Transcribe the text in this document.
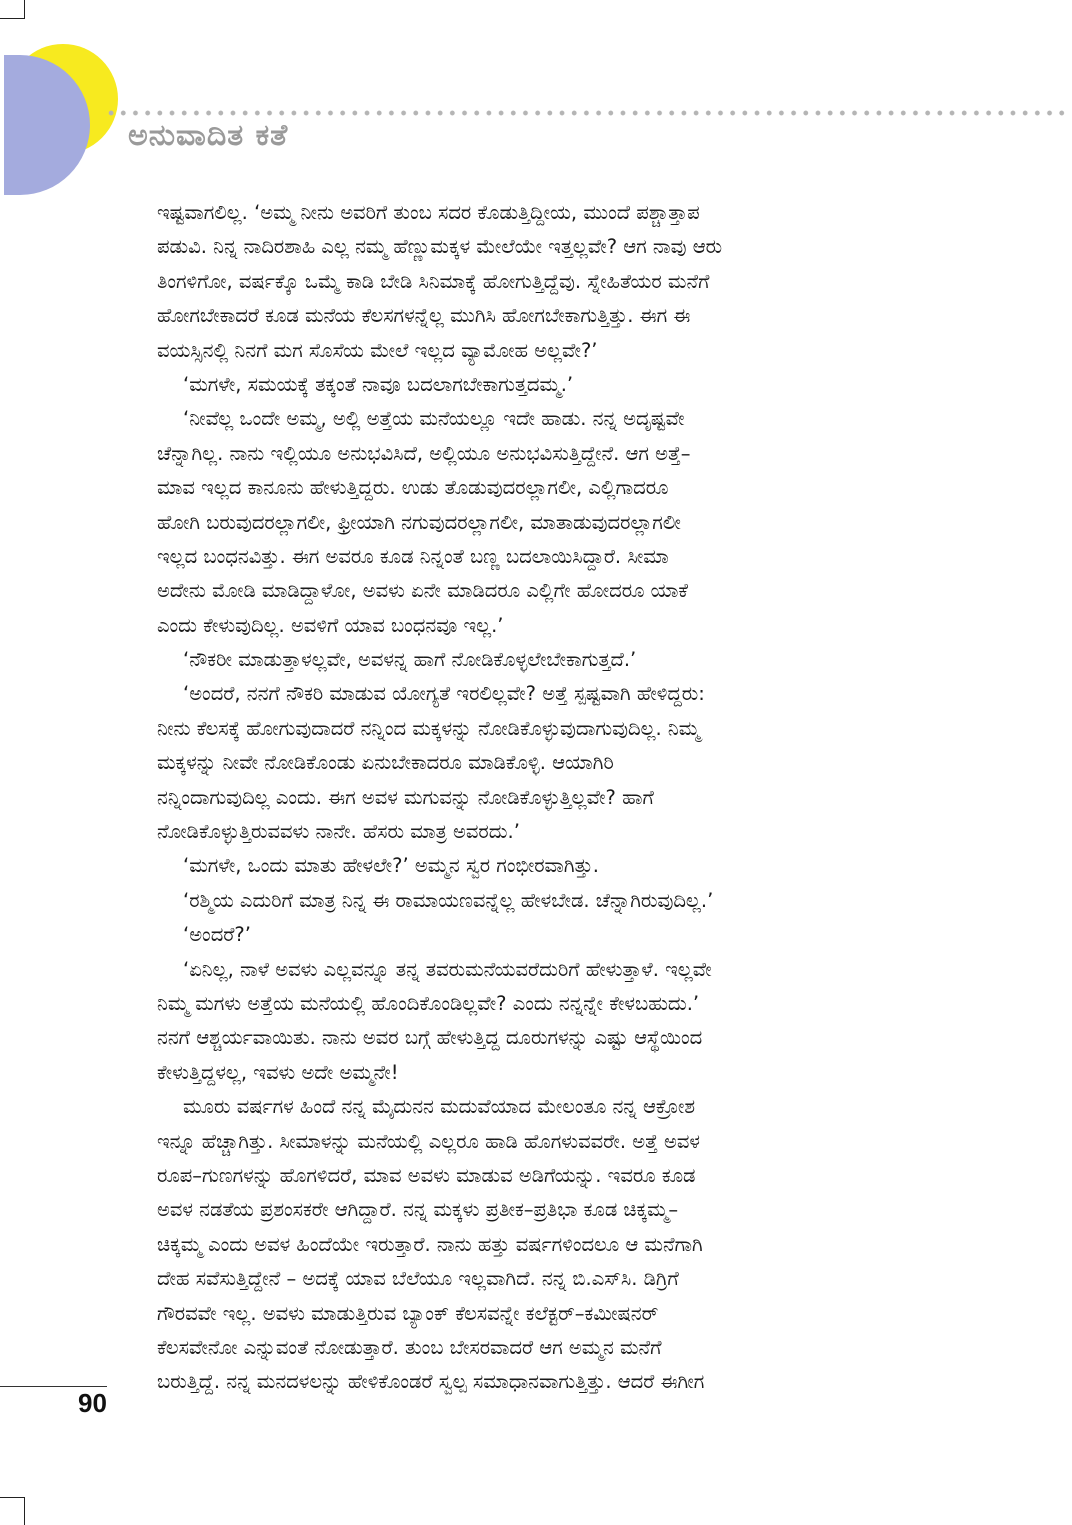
ಅನುವಾದಿತ ಕತೆ
ಇಷ್ಟವಾಗಲಿಲ್ಲ. ‘ಅಮ್ಮ ನೀನು ಅವರಿಗೆ ತುಂಬ ಸದರ ಕೊಡುತ್ತಿದ್ದೀಯ, ಮುಂದೆ ಪಶ್ಚಾತ್ತಾಪ
ಪಡುವಿ. ನಿನ್ನ ನಾದಿರಶಾಹಿ ಎಲ್ಲ ನಮ್ಮ ಹೆಣ್ಣುಮಕ್ಕಳ ಮೇಲೆಯೇ ಇತ್ತಲ್ಲವೇ? ಆಗ ನಾವು ಆರು
ತಿಂಗಳಿಗೋ, ವರ್ಷಕ್ಕೊ ಒಮ್ಮೆ ಕಾಡಿ ಬೇಡಿ ಸಿನಿಮಾಕ್ಕೆ ಹೋಗುತ್ತಿದ್ದೆವು. ಸ್ನೇಹಿತೆಯರ ಮನೆಗೆ
ಹೋಗಬೇಕಾದರೆ ಕೂಡ ಮನೆಯ ಕೆಲಸಗಳನ್ನೆಲ್ಲ ಮುಗಿಸಿ ಹೋಗಬೇಕಾಗುತ್ತಿತ್ತು. ಈಗ ಈ
ವಯಸ್ಸಿನಲ್ಲಿ ನಿನಗೆ ಮಗ ಸೊಸೆಯ ಮೇಲೆ ಇಲ್ಲದ ವ್ಯಾಮೋಹ ಅಲ್ಲವೇ?’
‘ಮಗಳೇ, ಸಮಯಕ್ಕೆ ತಕ್ಕಂತೆ ನಾವೂ ಬದಲಾಗಬೇಕಾಗುತ್ತದಮ್ಮ.’
‘ನೀವೆಲ್ಲ ಒಂದೇ ಅಮ್ಮ, ಅಲ್ಲಿ ಅತ್ತೆಯ ಮನೆಯಲ್ಲೂ ಇದೇ ಹಾಡು. ನನ್ನ ಅದೃಷ್ಟವೇ
ಚೆನ್ನಾಗಿಲ್ಲ. ನಾನು ಇಲ್ಲಿಯೂ ಅನುಭವಿಸಿದೆ, ಅಲ್ಲಿಯೂ ಅನುಭವಿಸುತ್ತಿದ್ದೇನೆ. ಆಗ ಅತ್ತೆ–
ಮಾವ ಇಲ್ಲದ ಕಾನೂನು ಹೇಳುತ್ತಿದ್ದರು. ಉಡು ತೊಡುವುದರಲ್ಲಾಗಲೀ, ಎಲ್ಲಿಗಾದರೂ
ಹೋಗಿ ಬರುವುದರಲ್ಲಾಗಲೀ, ಫ್ರೀಯಾಗಿ ನಗುವುದರಲ್ಲಾಗಲೀ, ಮಾತಾಡುವುದರಲ್ಲಾಗಲೀ
ಇಲ್ಲದ ಬಂಧನವಿತ್ತು. ಈಗ ಅವರೂ ಕೂಡ ನಿನ್ನಂತೆ ಬಣ್ಣ ಬದಲಾಯಿಸಿದ್ದಾರೆ. ಸೀಮಾ
ಅದೇನು ಮೋಡಿ ಮಾಡಿದ್ದಾಳೋ, ಅವಳು ಏನೇ ಮಾಡಿದರೂ ಎಲ್ಲಿಗೇ ಹೋದರೂ ಯಾಕೆ
ಎಂದು ಕೇಳುವುದಿಲ್ಲ. ಅವಳಿಗೆ ಯಾವ ಬಂಧನವೂ ಇಲ್ಲ.’
‘ನೌಕರೀ ಮಾಡುತ್ತಾಳಲ್ಲವೇ, ಅವಳನ್ನ ಹಾಗೆ ನೋಡಿಕೊಳ್ಳಲೇಬೇಕಾಗುತ್ತದೆ.’
‘ಅಂದರೆ, ನನಗೆ ನೌಕರಿ ಮಾಡುವ ಯೋಗ್ಯತೆ ಇರಲಿಲ್ಲವೇ? ಅತ್ತೆ ಸ್ಪಷ್ಟವಾಗಿ ಹೇಳಿದ್ದರು:
ನೀನು ಕೆಲಸಕ್ಕೆ ಹೋಗುವುದಾದರೆ ನನ್ನಿಂದ ಮಕ್ಕಳನ್ನು ನೋಡಿಕೊಳ್ಳುವುದಾಗುವುದಿಲ್ಲ. ನಿಮ್ಮ
ಮಕ್ಕಳನ್ನು ನೀವೇ ನೋಡಿಕೊಂಡು ಏನುಬೇಕಾದರೂ ಮಾಡಿಕೊಳ್ಳಿ. ಆಯಾಗಿರಿ
ನನ್ನಿಂದಾಗುವುದಿಲ್ಲ ಎಂದು. ಈಗ ಅವಳ ಮಗುವನ್ನು ನೋಡಿಕೊಳ್ಳುತ್ತಿಲ್ಲವೇ? ಹಾಗೆ
ನೋಡಿಕೊಳ್ಳುತ್ತಿರುವವಳು ನಾನೇ. ಹೆಸರು ಮಾತ್ರ ಅವರದು.’
‘ಮಗಳೇ, ಒಂದು ಮಾತು ಹೇಳಲೇ?’ ಅಮ್ಮನ ಸ್ವರ ಗಂಭೀರವಾಗಿತ್ತು.
‘ರಶ್ಮಿಯ ಎದುರಿಗೆ ಮಾತ್ರ ನಿನ್ನ ಈ ರಾಮಾಯಣವನ್ನೆಲ್ಲ ಹೇಳಬೇಡ. ಚೆನ್ನಾಗಿರುವುದಿಲ್ಲ.’
‘ಅಂದರೆ?’
‘ಏನಿಲ್ಲ, ನಾಳೆ ಅವಳು ಎಲ್ಲವನ್ನೂ ತನ್ನ ತವರುಮನೆಯವರೆದುರಿಗೆ ಹೇಳುತ್ತಾಳೆ. ಇಲ್ಲವೇ
ನಿಮ್ಮ ಮಗಳು ಅತ್ತೆಯ ಮನೆಯಲ್ಲಿ ಹೊಂದಿಕೊಂಡಿಲ್ಲವೇ? ಎಂದು ನನ್ನನ್ನೇ ಕೇಳಬಹುದು.’
ನನಗೆ ಆಶ್ಚರ್ಯವಾಯಿತು. ನಾನು ಅವರ ಬಗ್ಗೆ ಹೇಳುತ್ತಿದ್ದ ದೂರುಗಳನ್ನು ಎಷ್ಟು ಆಸ್ಥೆಯಿಂದ
ಕೇಳುತ್ತಿದ್ದಳಲ್ಲ, ಇವಳು ಅದೇ ಅಮ್ಮನೇ!
ಮೂರು ವರ್ಷಗಳ ಹಿಂದೆ ನನ್ನ ಮೈದುನನ ಮದುವೆಯಾದ ಮೇಲಂತೂ ನನ್ನ ಆಕ್ರೋಶ
ಇನ್ನೂ ಹೆಚ್ಚಾಗಿತ್ತು. ಸೀಮಾಳನ್ನು ಮನೆಯಲ್ಲಿ ಎಲ್ಲರೂ ಹಾಡಿ ಹೊಗಳುವವರೇ. ಅತ್ತೆ ಅವಳ
ರೂಪ–ಗುಣಗಳನ್ನು ಹೊಗಳಿದರೆ, ಮಾವ ಅವಳು ಮಾಡುವ ಅಡಿಗೆಯನ್ನು. ಇವರೂ ಕೂಡ
ಅವಳ ನಡತೆಯ ಪ್ರಶಂಸಕರೇ ಆಗಿದ್ದಾರೆ. ನನ್ನ ಮಕ್ಕಳು ಪ್ರತೀಕ–ಪ್ರತಿಭಾ ಕೂಡ ಚಿಕ್ಕಮ್ಮ–
ಚಿಕ್ಕಮ್ಮ ಎಂದು ಅವಳ ಹಿಂದೆಯೇ ಇರುತ್ತಾರೆ. ನಾನು ಹತ್ತು ವರ್ಷಗಳಿಂದಲೂ ಆ ಮನೆಗಾಗಿ
ದೇಹ ಸವೆಸುತ್ತಿದ್ದೇನೆ – ಅದಕ್ಕೆ ಯಾವ ಬೆಲೆಯೂ ಇಲ್ಲವಾಗಿದೆ. ನನ್ನ ಬಿ.ಎಸ್‌ಸಿ. ಡಿಗ್ರಿಗೆ
ಗೌರವವೇ ಇಲ್ಲ. ಅವಳು ಮಾಡುತ್ತಿರುವ ಬ್ಯಾಂಕ್ ಕೆಲಸವನ್ನೇ ಕಲೆಕ್ಟರ್–ಕಮೀಷನರ್
ಕೆಲಸವೇನೋ ಎನ್ನುವಂತೆ ನೋಡುತ್ತಾರೆ. ತುಂಬ ಬೇಸರವಾದರೆ ಆಗ ಅಮ್ಮನ ಮನೆಗೆ
ಬರುತ್ತಿದ್ದೆ. ನನ್ನ ಮನದಳಲನ್ನು ಹೇಳಿಕೊಂಡರೆ ಸ್ವಲ್ಪ ಸಮಾಧಾನವಾಗುತ್ತಿತ್ತು. ಆದರೆ ಈಗೀಗ
90
